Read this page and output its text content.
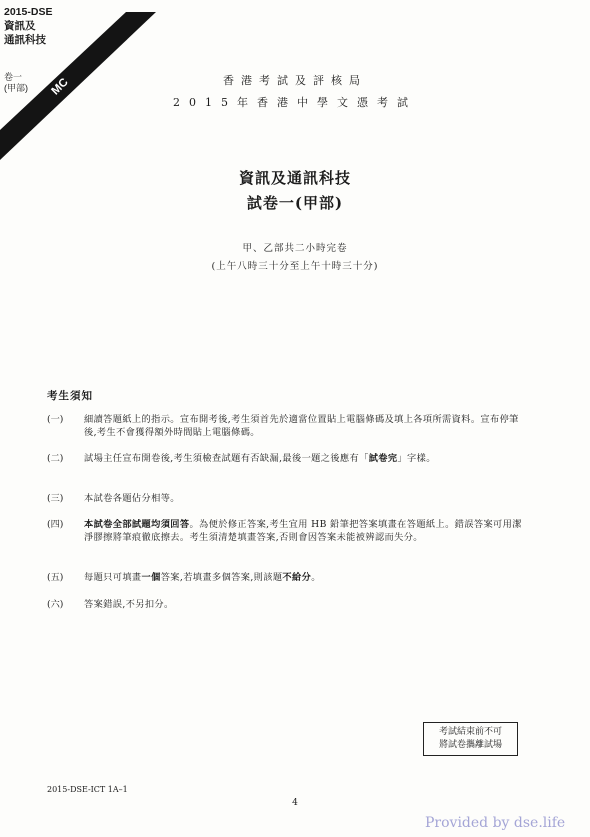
2015-DSE
資訊及
通訊科技
卷一
(甲部) MC	香港考試及評核局
2015年香港中學文憑考試
資訊及通訊科技
試卷一(甲部)
甲、乙部共二小時完卷
(上午八時三十分至上午十時三十分)
考生須知
(一)	細讀答題紙上的指示。宣布開考後,考生須首先於適當位置貼上電腦條碼及填上各項所需資料。宣布停筆後,考生不會獲得額外時間貼上電腦條碼。
(二)	試場主任宣布開卷後,考生須檢查試題有否缺漏,最後一題之後應有「試卷完」字樣。
(三)	本試卷各題佔分相等。
(四)	本試卷全部試題均須回答。為便於修正答案,考生宜用 HB 鉛筆把答案填畫在答題紙上。錯誤答案可用潔淨膠擦將筆痕徹底擦去。考生須清楚填畫答案,否則會因答案未能被辨認而失分。
(五)	每題只可填畫一個答案,若填畫多個答案,則該題不給分。
(六)	答案錯誤,不另扣分。
考試結束前不可
將試卷攜離試場
2015-DSE-ICT 1A–1
4
Provided by dse.life
